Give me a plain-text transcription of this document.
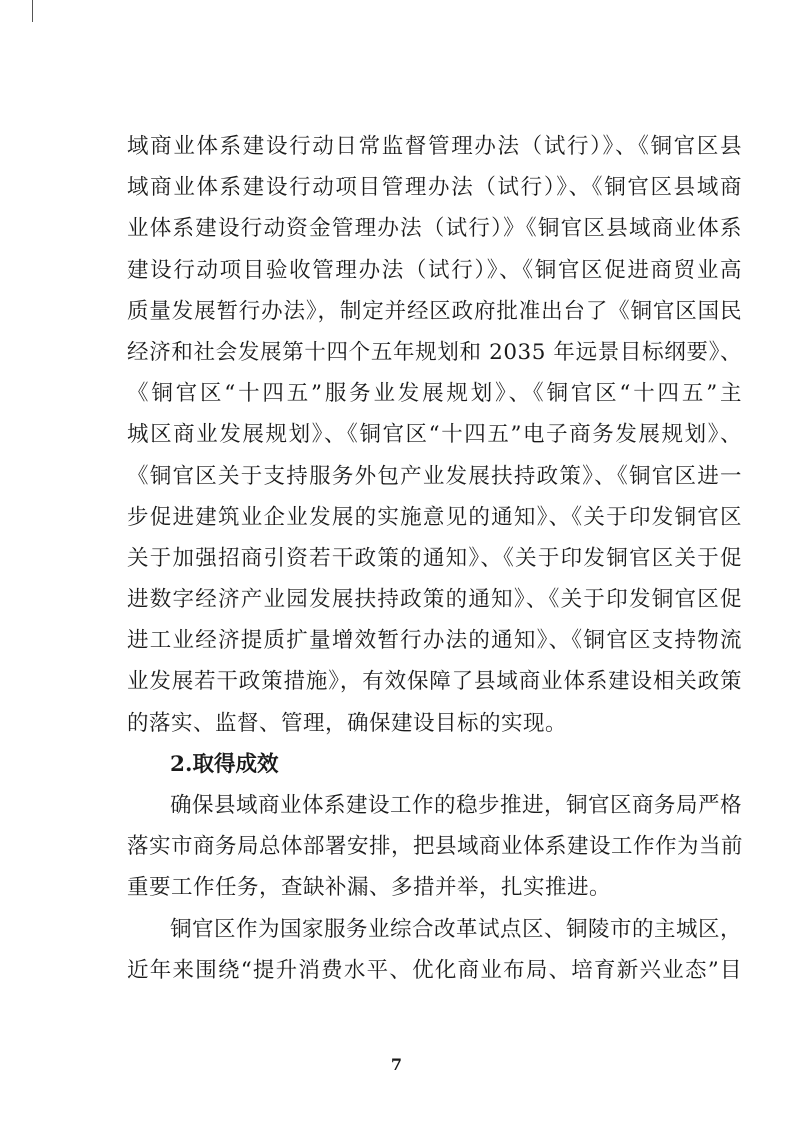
域商业体系建设行动日常监督管理办法（试行）》、《铜官区县
域商业体系建设行动项目管理办法（试行）》、《铜官区县域商
业体系建设行动资金管理办法（试行）》《铜官区县域商业体系
建设行动项目验收管理办法（试行）》、《铜官区促进商贸业高
质量发展暂行办法》，制定并经区政府批准出台了《铜官区国民
经济和社会发展第十四个五年规划和 2035 年远景目标纲要》、
《铜官区“十四五”服务业发展规划》、《铜官区“十四五”主
城区商业发展规划》、《铜官区“十四五”电子商务发展规划》、
《铜官区关于支持服务外包产业发展扶持政策》、《铜官区进一
步促进建筑业企业发展的实施意见的通知》、《关于印发铜官区
关于加强招商引资若干政策的通知》、《关于印发铜官区关于促
进数字经济产业园发展扶持政策的通知》、《关于印发铜官区促
进工业经济提质扩量增效暂行办法的通知》、《铜官区支持物流
业发展若干政策措施》，有效保障了县域商业体系建设相关政策
的落实、监督、管理，确保建设目标的实现。
2.取得成效
确保县域商业体系建设工作的稳步推进，铜官区商务局严格
落实市商务局总体部署安排，把县域商业体系建设工作作为当前
重要工作任务，查缺补漏、多措并举，扎实推进。
铜官区作为国家服务业综合改革试点区、铜陵市的主城区，
近年来围绕“提升消费水平、优化商业布局、培育新兴业态”目
7
